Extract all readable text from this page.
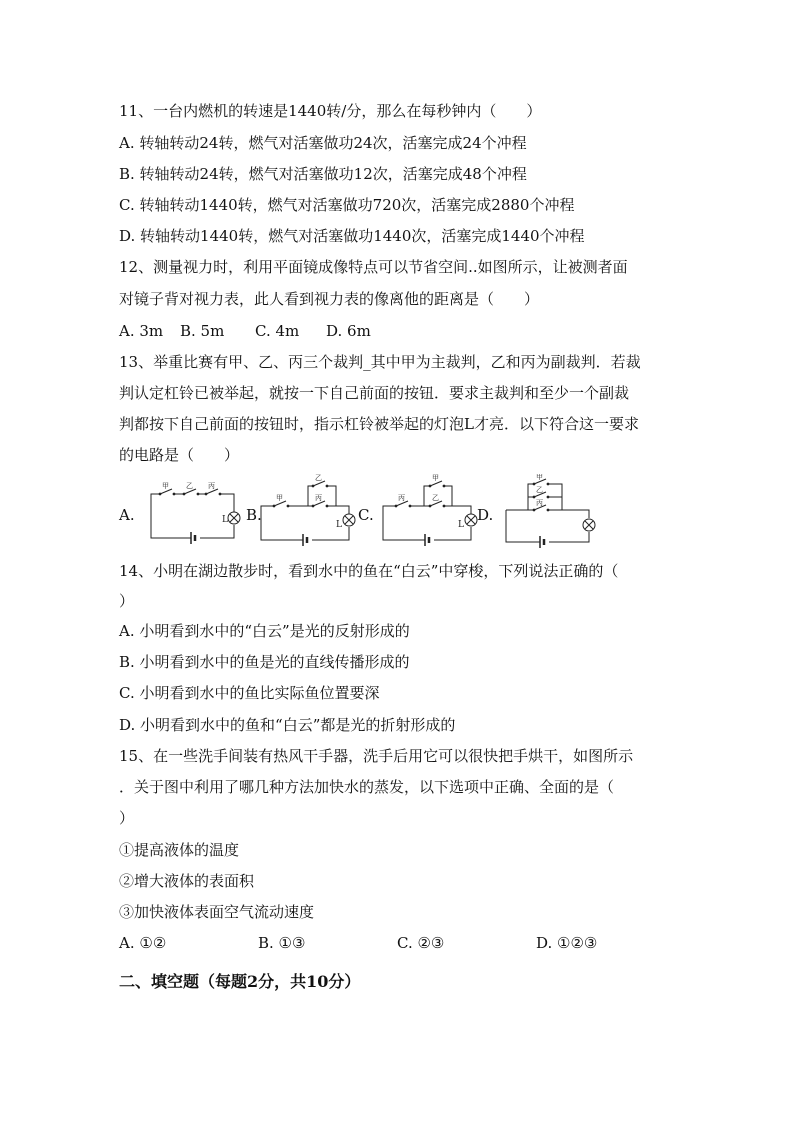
11、一台内燃机的转速是1440转/分，那么在每秒钟内（　　）
A. 转轴转动24转，燃气对活塞做功24次，活塞完成24个冲程
B. 转轴转动24转，燃气对活塞做功12次，活塞完成48个冲程
C. 转轴转动1440转，燃气对活塞做功720次，活塞完成2880个冲程
D. 转轴转动1440转，燃气对活塞做功1440次，活塞完成1440个冲程
12、测量视力时，利用平面镜成像特点可以节省空间..如图所示，让被测者面
对镜子背对视力表，此人看到视力表的像离他的距离是（　　）
A. 3m B. 5m C. 4m D. 6m
13、举重比赛有甲、乙、丙三个裁判_其中甲为主裁判，乙和丙为副裁判．若裁
判认定杠铃已被举起，就按一下自己前面的按钮．要求主裁判和至少一个副裁
判都按下自己前面的按钮时，指示杠铃被举起的灯泡L才亮．以下符合这一要求
的电路是（　　）
A.	B.	C.	D.
甲 乙 丙
L
甲
乙
丙
L
丙
甲
乙
L
甲
乙
丙
14、小明在湖边散步时，看到水中的鱼在“白云”中穿梭，下列说法正确的（
）
A. 小明看到水中的“白云”是光的反射形成的
B. 小明看到水中的鱼是光的直线传播形成的
C. 小明看到水中的鱼比实际鱼位置要深
D. 小明看到水中的鱼和“白云”都是光的折射形成的
15、在一些洗手间装有热风干手器，洗手后用它可以很快把手烘干，如图所示
．关于图中利用了哪几种方法加快水的蒸发，以下选项中正确、全面的是（
）
①提高液体的温度
②增大液体的表面积
③加快液体表面空气流动速度
A. ①②	B. ①③	C. ②③	D. ①②③
二、填空题（每题2分，共10分）
